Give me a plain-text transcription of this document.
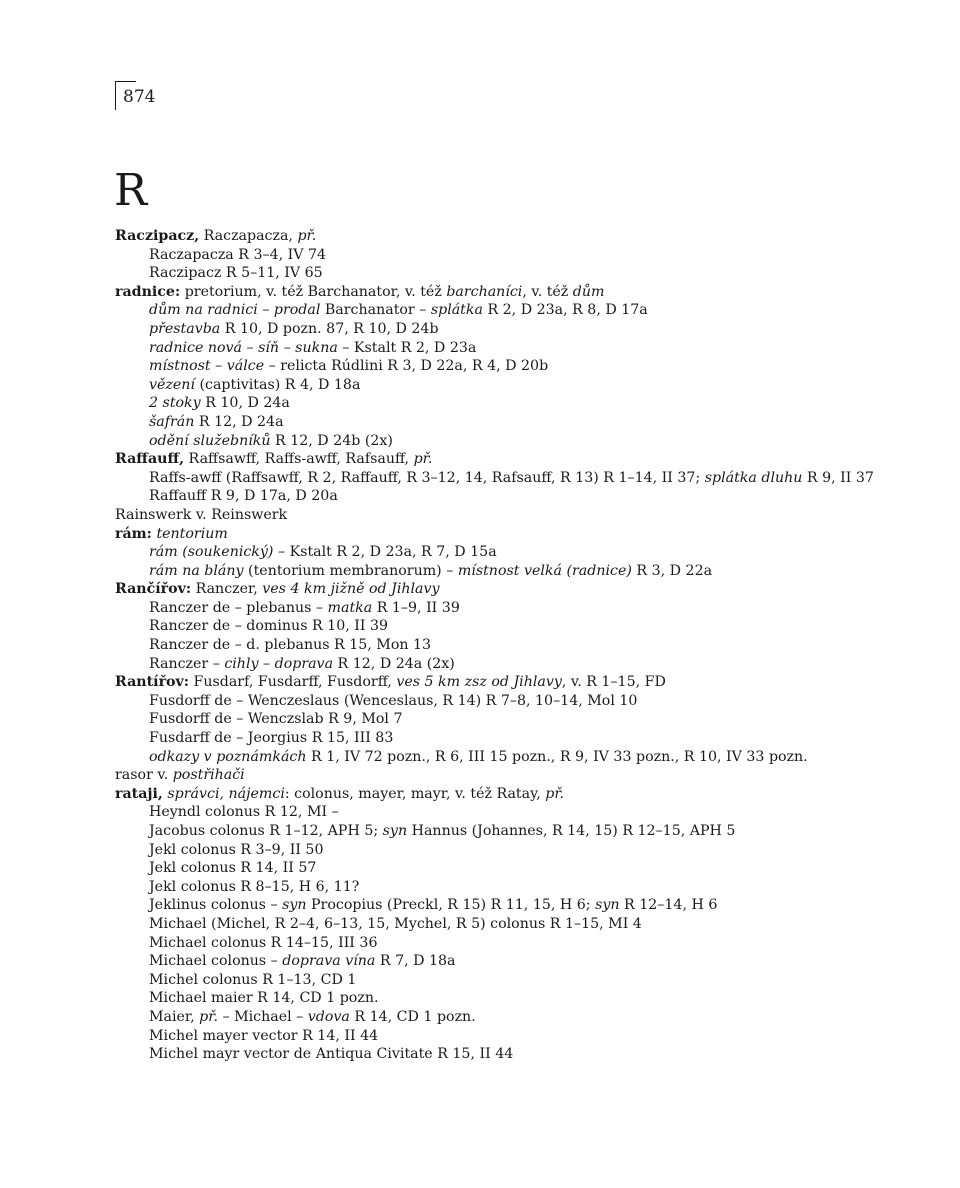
874
R
Raczipacz, Raczapacza, př.
Raczapacza R 3–4, IV 74
Raczipacz R 5–11, IV 65
radnice: pretorium, v. též Barchanator, v. též barchaníci, v. též dům
dům na radnici – prodal Barchanator – splátka R 2, D 23a, R 8, D 17a
přestavba R 10, D pozn. 87, R 10, D 24b
radnice nová – síň – sukna – Kstalt R 2, D 23a
místnost – válce – relicta Rúdlini R 3, D 22a, R 4, D 20b
vězení (captivitas) R 4, D 18a
2 stoky R 10, D 24a
šafrán R 12, D 24a
odění služebníků R 12, D 24b (2x)
Raffauff, Raffsawff, Raffs-awff, Rafsauff, př.
Raffs-awff (Raffsawff, R 2, Raffauff, R 3–12, 14, Rafsauff, R 13) R 1–14, II 37; splátka dluhu R 9, II 37
Raffauff R 9, D 17a, D 20a
Rainswerk v. Reinswerk
rám: tentorium
rám (soukenický) – Kstalt R 2, D 23a, R 7, D 15a
rám na blány (tentorium membranorum) – místnost velká (radnice) R 3, D 22a
Rančířov: Ranczer, ves 4 km jižně od Jihlavy
Ranczer de – plebanus – matka R 1–9, II 39
Ranczer de – dominus R 10, II 39
Ranczer de – d. plebanus R 15, Mon 13
Ranczer – cihly – doprava R 12, D 24a (2x)
Rantířov: Fusdarf, Fusdarff, Fusdorff, ves 5 km zsz od Jihlavy, v. R 1–15, FD
Fusdorff de – Wenczeslaus (Wenceslaus, R 14) R 7–8, 10–14, Mol 10
Fusdorff de – Wenczslab R 9, Mol 7
Fusdarff de – Jeorgius R 15, III 83
odkazy v poznámkách R 1, IV 72 pozn., R 6, III 15 pozn., R 9, IV 33 pozn., R 10, IV 33 pozn.
rasor v. postřihači
rataji, správci, nájemci: colonus, mayer, mayr, v. též Ratay, př.
Heyndl colonus R 12, MI –
Jacobus colonus R 1–12, APH 5; syn Hannus (Johannes, R 14, 15) R 12–15, APH 5
Jekl colonus R 3–9, II 50
Jekl colonus R 14, II 57
Jekl colonus R 8–15, H 6, 11?
Jeklinus colonus – syn Procopius (Preckl, R 15) R 11, 15, H 6; syn R 12–14, H 6
Michael (Michel, R 2–4, 6–13, 15, Mychel, R 5) colonus R 1–15, MI 4
Michael colonus R 14–15, III 36
Michael colonus – doprava vína R 7, D 18a
Michel colonus R 1–13, CD 1
Michael maier R 14, CD 1 pozn.
Maier, př. – Michael – vdova R 14, CD 1 pozn.
Michel mayer vector R 14, II 44
Michel mayr vector de Antiqua Civitate R 15, II 44
